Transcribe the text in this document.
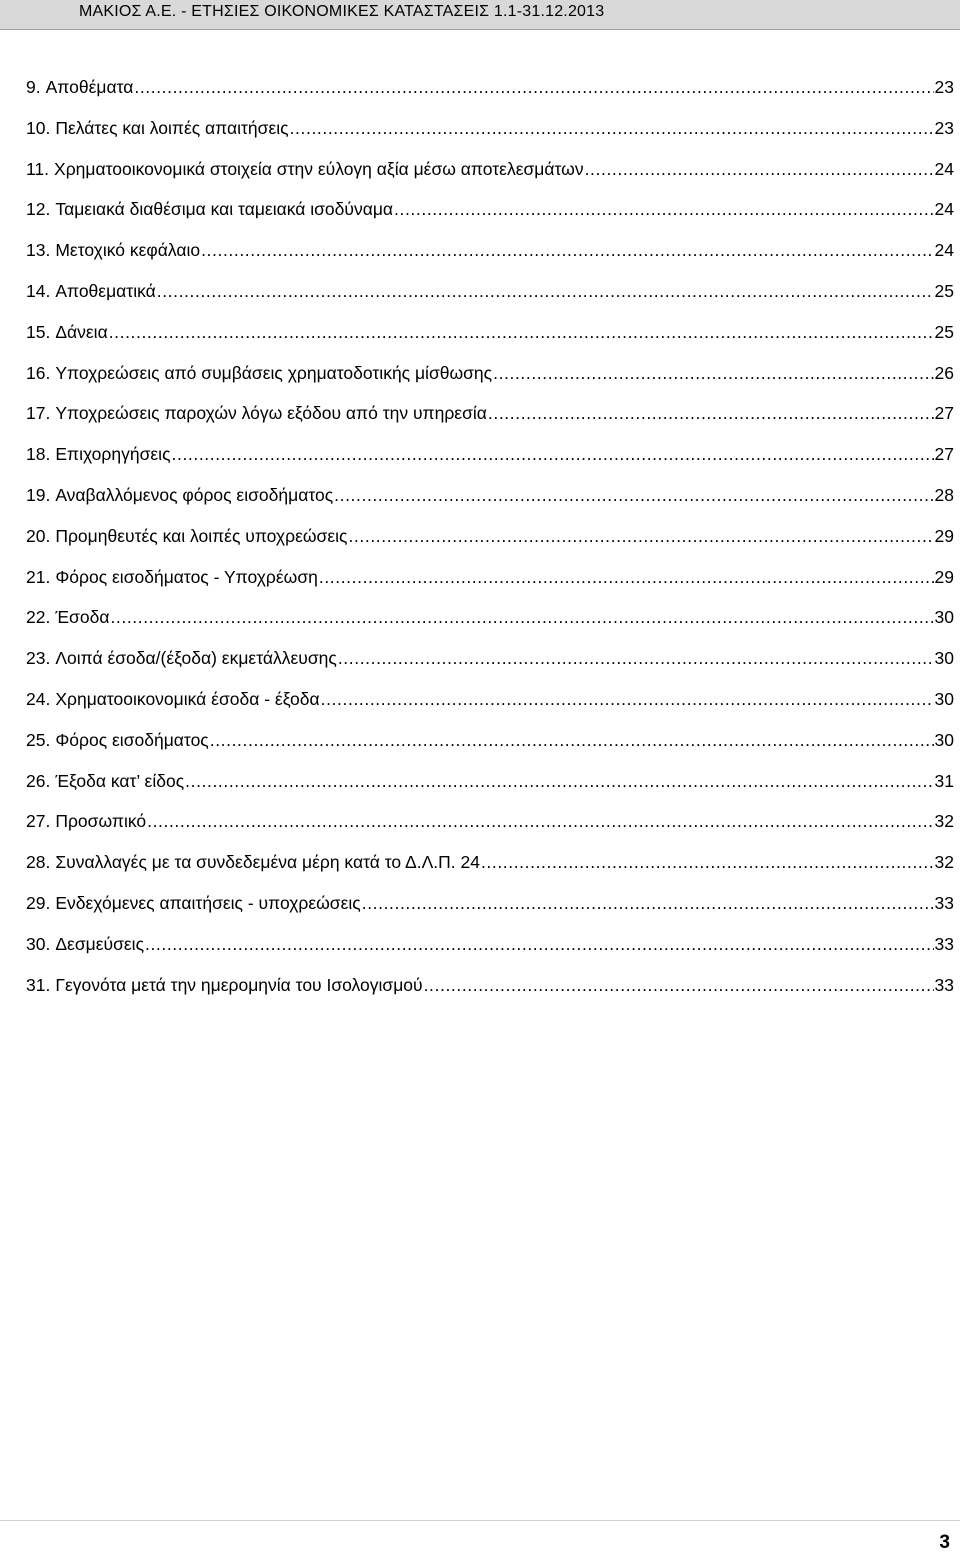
ΜΑΚΙΟΣ Α.Ε. - ΕΤΗΣΙΕΣ ΟΙΚΟΝΟΜΙΚΕΣ ΚΑΤΑΣΤΑΣΕΙΣ 1.1-31.12.2013
9. Αποθέματα .....	23
10. Πελάτες και λοιπές απαιτήσεις .....	23
11. Χρηματοοικονομικά στοιχεία στην εύλογη αξία μέσω αποτελεσμάτων .....	24
12. Ταμειακά διαθέσιμα και ταμειακά ισοδύναμα .....	24
13. Μετοχικό κεφάλαιο .....	24
14. Αποθεματικά .....	25
15. Δάνεια .....	25
16. Υποχρεώσεις από συμβάσεις χρηματοδοτικής μίσθωσης .....	26
17. Υποχρεώσεις παροχών λόγω εξόδου από την υπηρεσία .....	27
18. Επιχορηγήσεις .....	27
19. Αναβαλλόμενος φόρος εισοδήματος .....	28
20. Προμηθευτές και λοιπές υποχρεώσεις .....	29
21. Φόρος εισοδήματος - Υποχρέωση .....	29
22. Έσοδα .....	30
23. Λοιπά έσοδα/(έξοδα) εκμετάλλευσης .....	30
24. Χρηματοοικονομικά έσοδα - έξοδα .....	30
25. Φόρος εισοδήματος .....	30
26. Έξοδα κατ’ είδος .....	31
27. Προσωπικό .....	32
28. Συναλλαγές με τα συνδεδεμένα μέρη κατά το Δ.Λ.Π. 24 .....	32
29. Ενδεχόμενες απαιτήσεις - υποχρεώσεις .....	33
30. Δεσμεύσεις .....	33
31. Γεγονότα μετά την ημερομηνία του Ισολογισμού .....	33
3
